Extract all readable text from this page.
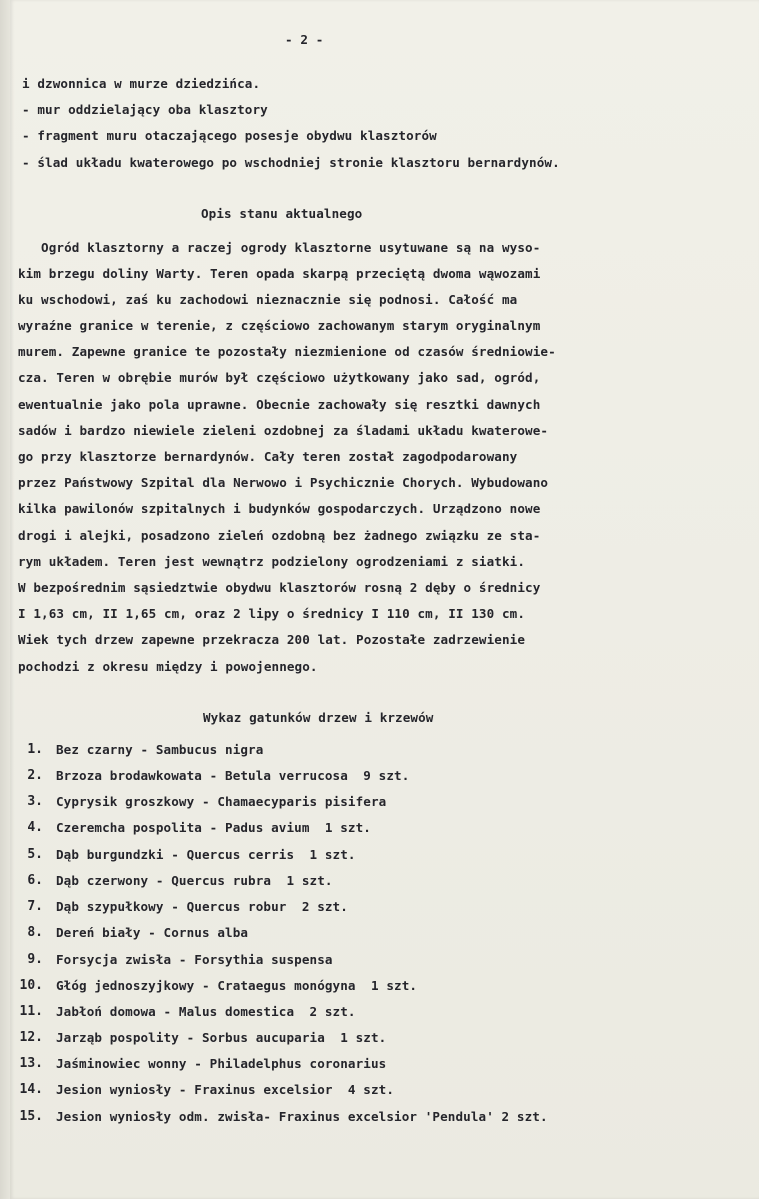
- 2 -
i dzwonnica w murze dziedzińca.
- mur oddzielający oba klasztory
- fragment muru otaczającego posesje obydwu klasztorów
- ślad układu kwaterowego po wschodniej stronie klasztoru bernardynów.
Opis stanu aktualnego
Ogród klasztorny a raczej ogrody klasztorne usytuwane są na wyso-
kim brzegu doliny Warty. Teren opada skarpą przeciętą dwoma wąwozami
ku wschodowi, zaś ku zachodowi nieznacznie się podnosi. Całość ma
wyraźne granice w terenie, z częściowo zachowanym starym oryginalnym
murem. Zapewne granice te pozostały niezmienione od czasów średniowie-
cza. Teren w obrębie murów był częściowo użytkowany jako sad, ogród,
ewentualnie jako pola uprawne. Obecnie zachowały się resztki dawnych
sadów i bardzo niewiele zieleni ozdobnej za śladami układu kwaterowe-
go przy klasztorze bernardynów. Cały teren został zagodpodarowany
przez Państwowy Szpital dla Nerwowo i Psychicznie Chorych. Wybudowano
kilka pawilonów szpitalnych i budynków gospodarczych. Urządzono nowe
drogi i alejki, posadzono zieleń ozdobną bez żadnego związku ze sta-
rym układem. Teren jest wewnątrz podzielony ogrodzeniami z siatki.
W bezpośrednim sąsiedztwie obydwu klasztorów rosną 2 dęby o średnicy
I 1,63 cm, II 1,65 cm, oraz 2 lipy o średnicy I 110 cm, II 130 cm.
Wiek tych drzew zapewne przekracza 200 lat. Pozostałe zadrzewienie
pochodzi z okresu między i powojennego.
Wykaz gatunków drzew i krzewów
1. Bez czarny - Sambucus nigra
2. Brzoza brodawkowata - Betula verrucosa  9 szt.
3. Cyprysik groszkowy - Chamaecyparis pisifera
4. Czeremcha pospolita - Padus avium  1 szt.
5. Dąb burgundzki - Quercus cerris  1 szt.
6. Dąb czerwony - Quercus rubra  1 szt.
7. Dąb szypułkowy - Quercus robur  2 szt.
8. Dereń biały - Cornus alba
9. Forsycja zwisła - Forsythia suspensa
10. Głóg jednoszyjkowy - Crataegus monógyna  1 szt.
11. Jabłoń domowa - Malus domestica  2 szt.
12. Jarząb pospolity - Sorbus aucuparia  1 szt.
13. Jaśminowiec wonny - Philadelphus coronarius
14. Jesion wyniosły - Fraxinus excelsior  4 szt.
15. Jesion wyniosły odm. zwisła- Fraxinus excelsior 'Pendula' 2 szt.
